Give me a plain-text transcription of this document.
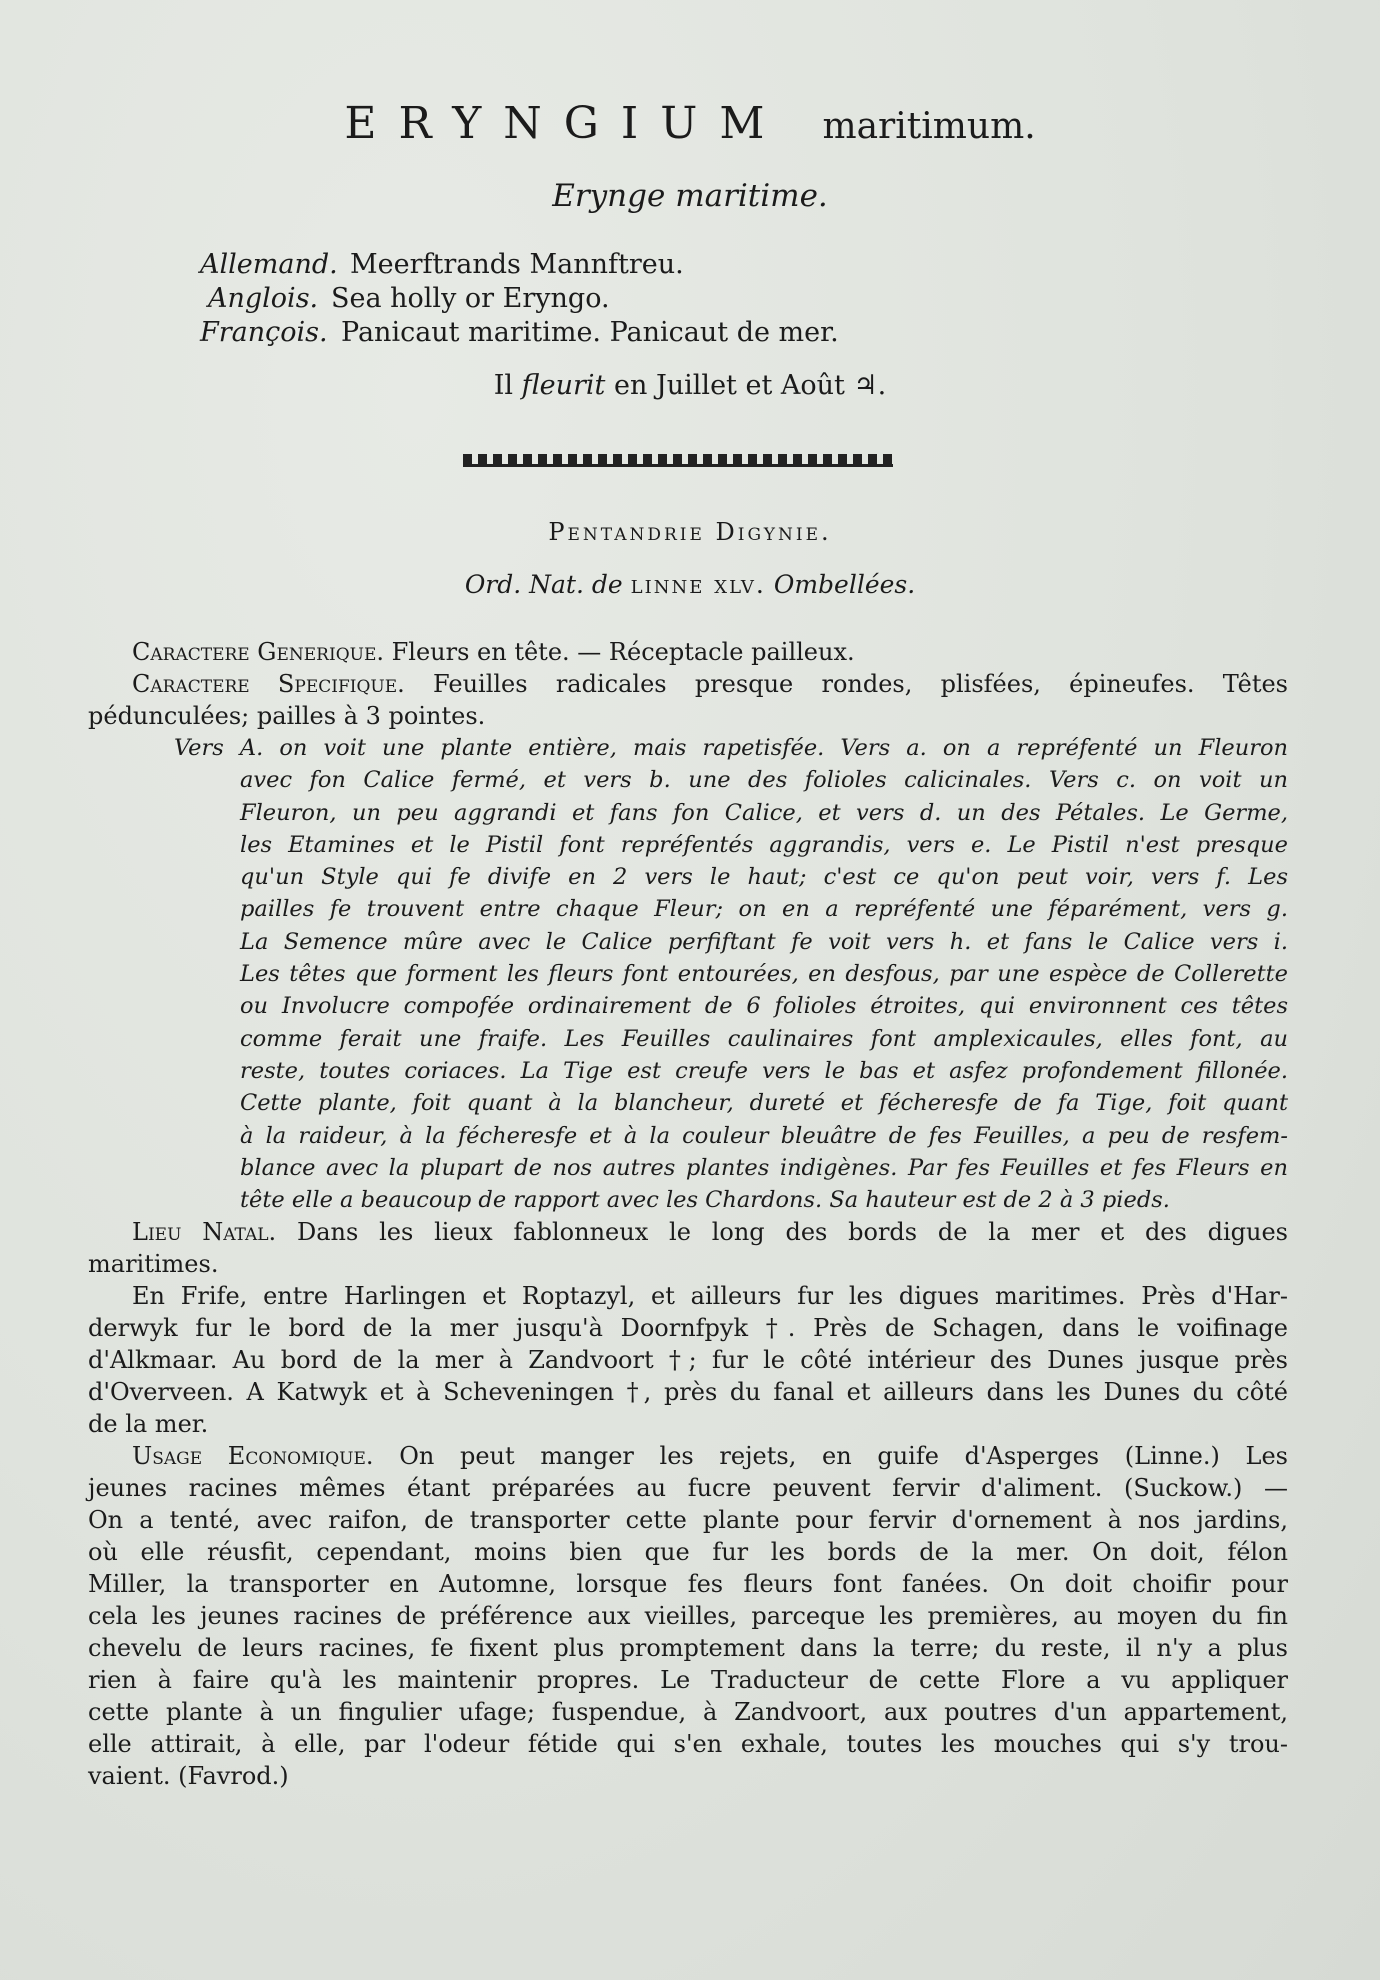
ERYNGIUM maritimum.
Erynge maritime.
Allemand. Meerftrands Mannftreu.
Anglois. Sea holly or Eryngo.
François. Panicaut maritime. Panicaut de mer.
Il fleurit en Juillet et Août ♃.
Pentandrie Digynie.
Ord. Nat. de linne xlv. Ombellées.
Caractere Generique. Fleurs en tête. — Réceptacle pailleux.
Caractere Specifique. Feuilles radicales presque rondes, plisfées, épineufes. Têtes
pédunculées; pailles à 3 pointes.
Vers A. on voit une plante entière, mais rapetisfée. Vers a. on a repréfenté un Fleuron
avec fon Calice fermé, et vers b. une des folioles calicinales. Vers c. on voit un
Fleuron, un peu aggrandi et fans fon Calice, et vers d. un des Pétales. Le Germe,
les Etamines et le Pistil font repréfentés aggrandis, vers e. Le Pistil n'est presque
qu'un Style qui fe divife en 2 vers le haut; c'est ce qu'on peut voir, vers f. Les
pailles fe trouvent entre chaque Fleur; on en a repréfenté une féparément, vers g.
La Semence mûre avec le Calice perfiftant fe voit vers h. et fans le Calice vers i.
Les têtes que forment les fleurs font entourées, en desfous, par une espèce de Collerette
ou Involucre compofée ordinairement de 6 folioles étroites, qui environnent ces têtes
comme ferait une fraife. Les Feuilles caulinaires font amplexicaules, elles font, au
reste, toutes coriaces. La Tige est creufe vers le bas et asfez profondement fillonée.
Cette plante, foit quant à la blancheur, dureté et fécheresfe de fa Tige, foit quant
à la raideur, à la fécheresfe et à la couleur bleuâtre de fes Feuilles, a peu de resfem-
blance avec la plupart de nos autres plantes indigènes. Par fes Feuilles et fes Fleurs en
tête elle a beaucoup de rapport avec les Chardons. Sa hauteur est de 2 à 3 pieds.
Lieu Natal. Dans les lieux fablonneux le long des bords de la mer et des digues
maritimes.
En Frife, entre Harlingen et Roptazyl, et ailleurs fur les digues maritimes. Près d'Har-
derwyk fur le bord de la mer jusqu'à Doornfpyk †. Près de Schagen, dans le voifinage
d'Alkmaar. Au bord de la mer à Zandvoort †; fur le côté intérieur des Dunes jusque près
d'Overveen. A Katwyk et à Scheveningen †, près du fanal et ailleurs dans les Dunes du côté
de la mer.
Usage Economique. On peut manger les rejets, en guife d'Asperges (Linne.) Les
jeunes racines mêmes étant préparées au fucre peuvent fervir d'aliment. (Suckow.) —
On a tenté, avec raifon, de transporter cette plante pour fervir d'ornement à nos jardins,
où elle réusfit, cependant, moins bien que fur les bords de la mer. On doit, félon
Miller, la transporter en Automne, lorsque fes fleurs font fanées. On doit choifir pour
cela les jeunes racines de préférence aux vieilles, parceque les premières, au moyen du fin
chevelu de leurs racines, fe fixent plus promptement dans la terre; du reste, il n'y a plus
rien à faire qu'à les maintenir propres. Le Traducteur de cette Flore a vu appliquer
cette plante à un fingulier ufage; fuspendue, à Zandvoort, aux poutres d'un appartement,
elle attirait, à elle, par l'odeur fétide qui s'en exhale, toutes les mouches qui s'y trou-
vaient. (Favrod.)
